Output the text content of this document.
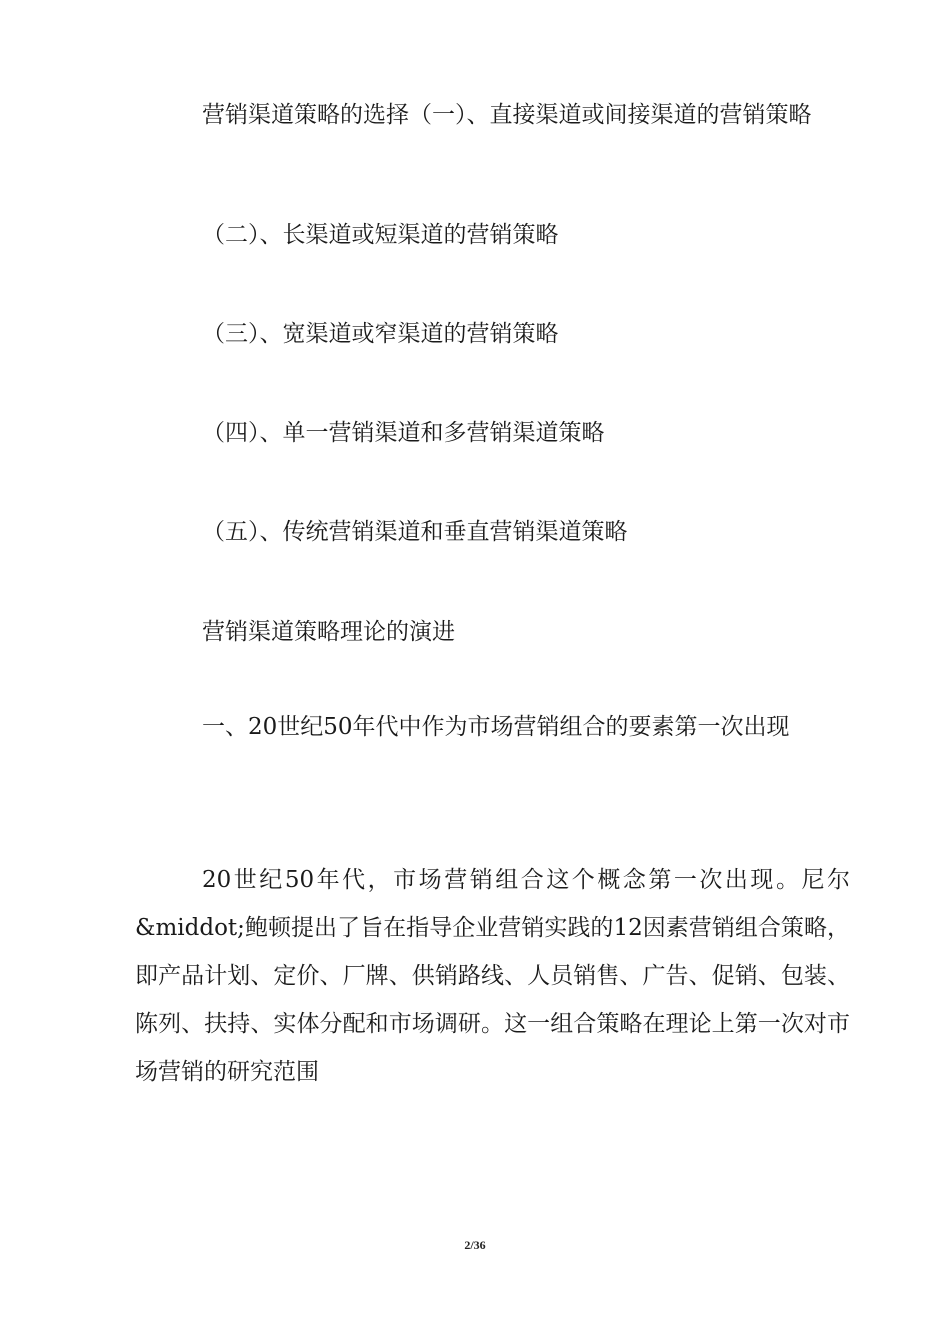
营销渠道策略的选择（一）、直接渠道或间接渠道的营销策略

（二）、长渠道或短渠道的营销策略

（三）、宽渠道或窄渠道的营销策略

（四）、单一营销渠道和多营销渠道策略

（五）、传统营销渠道和垂直营销渠道策略

营销渠道策略理论的演进

一、20世纪50年代中作为市场营销组合的要素第一次出现

20世纪50年代，市场营销组合这个概念第一次出现。尼尔&middot;鲍顿提出了旨在指导企业营销实践的12因素营销组合策略，即产品计划、定价、厂牌、供销路线、人员销售、广告、促销、包装、陈列、扶持、实体分配和市场调研。这一组合策略在理论上第一次对市场营销的研究范围

2/36
